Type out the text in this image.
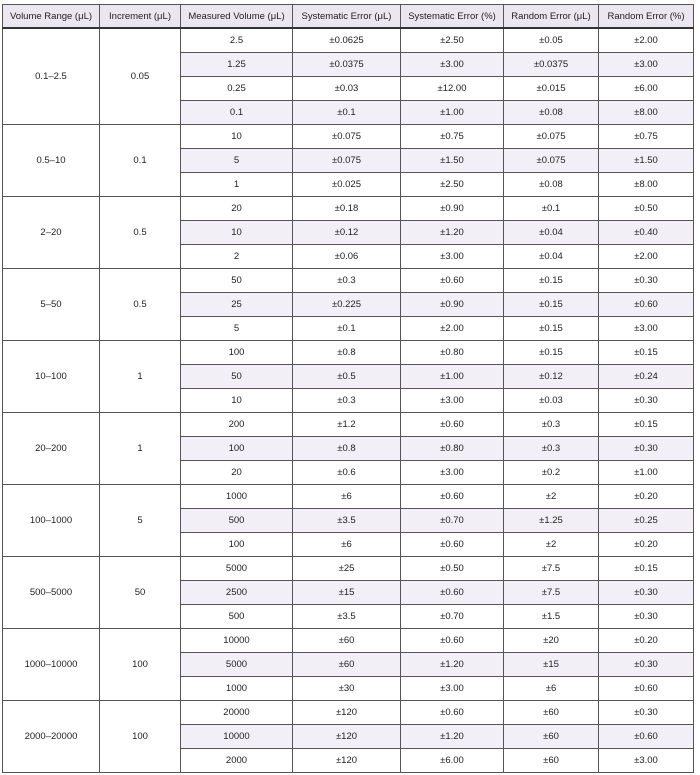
Volume Range (μL)	Increment (μL)	Measured Volume (μL)	Systematic Error (μL)	Systematic Error (%)	Random Error (μL)	Random Error (%)
0.1–2.5	0.05	2.5	±0.0625	±2.50	±0.05	±2.00
		1.25	±0.0375	±3.00	±0.0375	±3.00
		0.25	±0.03	±12.00	±0.015	±6.00
		0.1	±0.1	±1.00	±0.08	±8.00
0.5–10	0.1	10	±0.075	±0.75	±0.075	±0.75
		5	±0.075	±1.50	±0.075	±1.50
		1	±0.025	±2.50	±0.08	±8.00
2–20	0.5	20	±0.18	±0.90	±0.1	±0.50
		10	±0.12	±1.20	±0.04	±0.40
		2	±0.06	±3.00	±0.04	±2.00
5–50	0.5	50	±0.3	±0.60	±0.15	±0.30
		25	±0.225	±0.90	±0.15	±0.60
		5	±0.1	±2.00	±0.15	±3.00
10–100	1	100	±0.8	±0.80	±0.15	±0.15
		50	±0.5	±1.00	±0.12	±0.24
		10	±0.3	±3.00	±0.03	±0.30
20–200	1	200	±1.2	±0.60	±0.3	±0.15
		100	±0.8	±0.80	±0.3	±0.30
		20	±0.6	±3.00	±0.2	±1.00
100–1000	5	1000	±6	±0.60	±2	±0.20
		500	±3.5	±0.70	±1.25	±0.25
		100	±6	±0.60	±2	±0.20
500–5000	50	5000	±25	±0.50	±7.5	±0.15
		2500	±15	±0.60	±7.5	±0.30
		500	±3.5	±0.70	±1.5	±0.30
1000–10000	100	10000	±60	±0.60	±20	±0.20
		5000	±60	±1.20	±15	±0.30
		1000	±30	±3.00	±6	±0.60
2000–20000	100	20000	±120	±0.60	±60	±0.30
		10000	±120	±1.20	±60	±0.60
		2000	±120	±6.00	±60	±3.00
